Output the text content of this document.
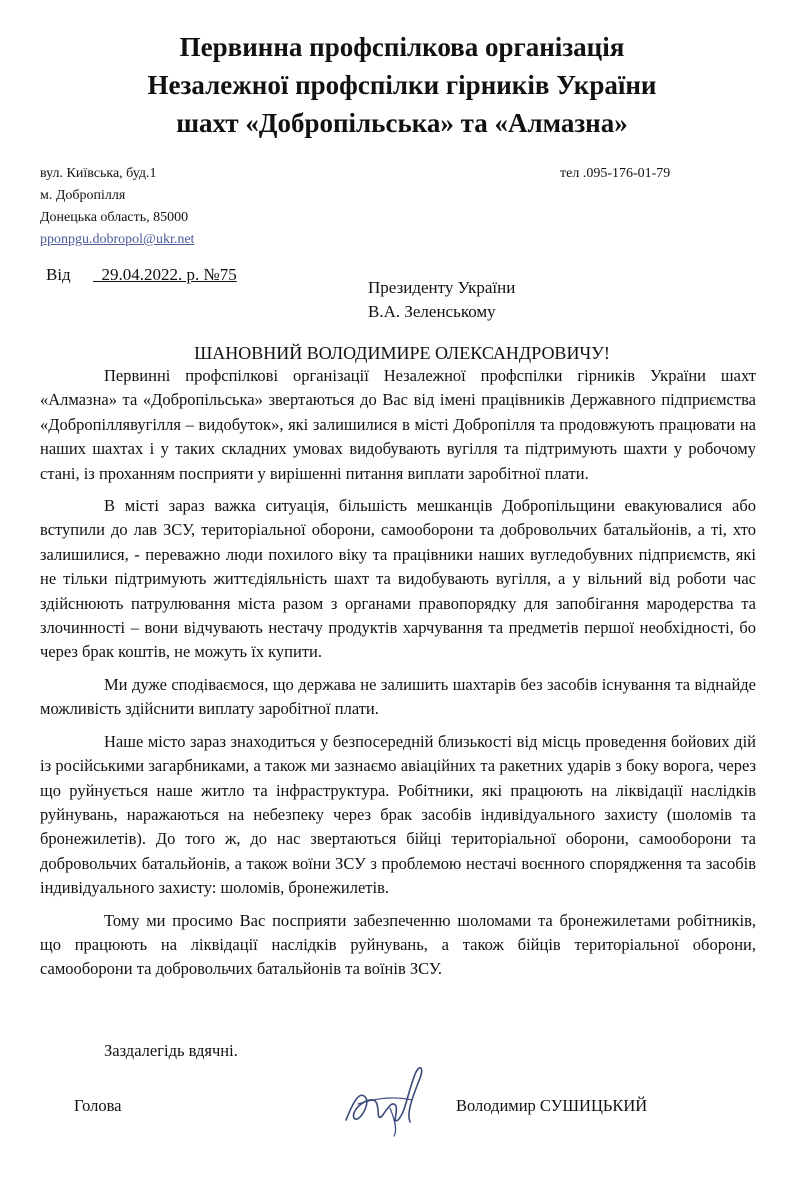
Первинна профспілкова організація
Незалежної профспілки гірників України
шахт «Добропільська» та «Алмазна»
вул. Київська, буд.1
м. Добропілля
Донецька область, 85000
pponpgu.dobropol@ukr.net
тел .095-176-01-79
Від 29.04.2022. р. №75
Президенту України
В.А. Зеленському
ШАНОВНИЙ ВОЛОДИМИРЕ ОЛЕКСАНДРОВИЧУ!

Первинні профспілкові організації Незалежної профспілки гірників України шахт «Алмазна» та «Добропільська» звертаються до Вас від імені працівників Державного підприємства «Добропіллявугілля – видобуток», які залишилися в місті Добропілля та продовжують працювати на наших шахтах і у таких складних умовах видобувають вугілля та підтримують шахти у робочому стані, із проханням посприяти у вирішенні питання виплати заробітної плати.

В місті зараз важка ситуація, більшість мешканців Добропільщини евакуювалися або вступили до лав ЗСУ, територіальної оборони, самооборони та добровольчих батальйонів, а ті, хто залишилися, - переважно люди похилого віку та працівники наших вугледобувних підприємств, які не тільки підтримують життєдіяльність шахт та видобувають вугілля, а у вільний від роботи час здійснюють патрулювання міста разом з органами правопорядку для запобігання мародерства та злочинності – вони відчувають нестачу продуктів харчування та предметів першої необхідності, бо через брак коштів, не можуть їх купити.

Ми дуже сподіваємося, що держава не залишить шахтарів без засобів існування та віднайде можливість здійснити виплату заробітної плати.

Наше місто зараз знаходиться у безпосередній близькості від місць проведення бойових дій із російськими загарбниками, а також ми зазнаємо авіаційних та ракетних ударів з боку ворога, через що руйнується наше житло та інфраструктура. Робітники, які працюють на ліквідації наслідків руйнувань, наражаються на небезпеку через брак засобів індивідуального захисту (шоломів та бронежилетів). До того ж, до нас звертаються бійці територіальної оборони, самооборони та добровольчих батальйонів, а також воїни ЗСУ з проблемою нестачі воєнного спорядження та засобів індивідуального захисту: шоломів, бронежилетів.

Тому ми просимо Вас посприяти забезпеченню шоломами та бронежилетами робітників, що працюють на ліквідації наслідків руйнувань, а також бійців територіальної оборони, самооборони та добровольчих батальйонів та воїнів ЗСУ.

Заздалегідь вдячні.
Голова	Володимир СУШИЦЬКИЙ
